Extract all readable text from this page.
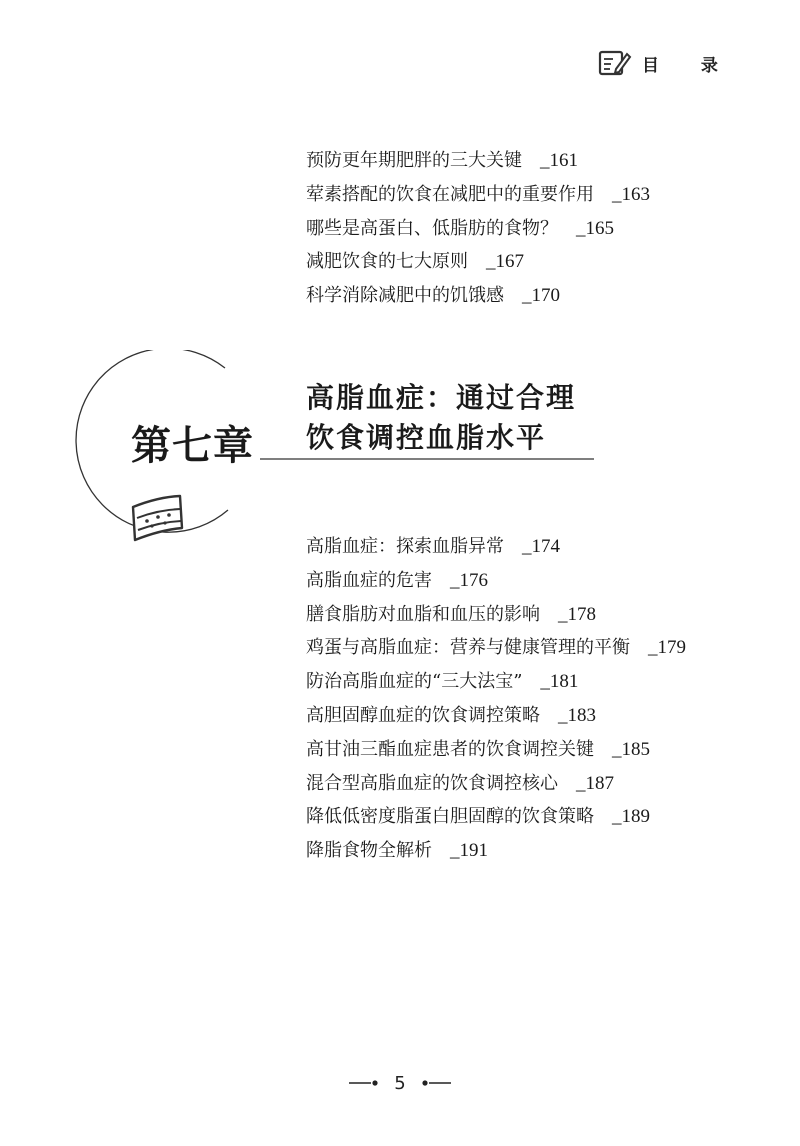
目 录
预防更年期肥胖的三大关键 _161
荤素搭配的饮食在减肥中的重要作用 _163
哪些是高蛋白、低脂肪的食物？ _165
减肥饮食的七大原则 _167
科学消除减肥中的饥饿感 _170
第七章
高脂血症：通过合理
饮食调控血脂水平
高脂血症：探索血脂异常 _174
高脂血症的危害 _176
膳食脂肪对血脂和血压的影响 _178
鸡蛋与高脂血症：营养与健康管理的平衡 _179
防治高脂血症的“三大法宝” _181
高胆固醇血症的饮食调控策略 _183
高甘油三酯血症患者的饮食调控关键 _185
混合型高脂血症的饮食调控核心 _187
降低低密度脂蛋白胆固醇的饮食策略 _189
降脂食物全解析 _191
5
